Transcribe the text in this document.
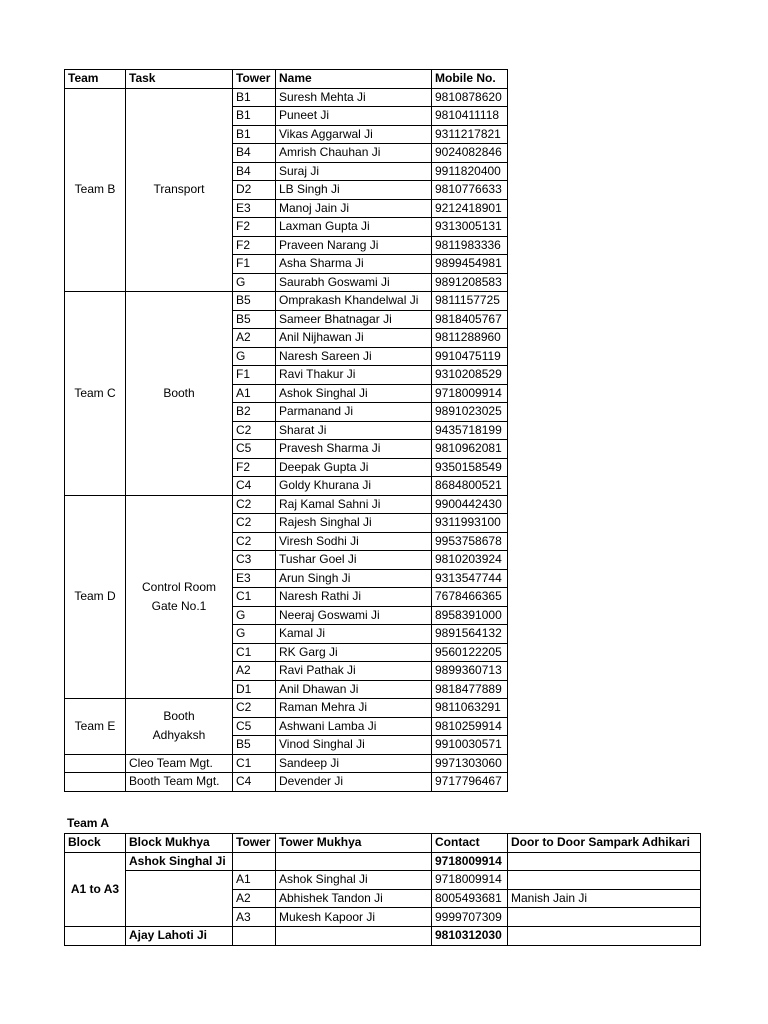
Team	Task	Tower	Name	Mobile No.
Team B	Transport	B1	Suresh Mehta Ji	9810878620
		B1	Puneet Ji	9810411118
		B1	Vikas Aggarwal Ji	9311217821
		B4	Amrish Chauhan Ji	9024082846
		B4	Suraj Ji	9911820400
		D2	LB Singh Ji	9810776633
		E3	Manoj Jain Ji	9212418901
		F2	Laxman Gupta Ji	9313005131
		F2	Praveen Narang Ji	9811983336
		F1	Asha Sharma Ji	9899454981
		G	Saurabh Goswami Ji	9891208583
Team C	Booth	B5	Omprakash Khandelwal Ji	9811157725
		B5	Sameer Bhatnagar Ji	9818405767
		A2	Anil Nijhawan Ji	9811288960
		G	Naresh Sareen Ji	9910475119
		F1	Ravi Thakur Ji	9310208529
		A1	Ashok Singhal Ji	9718009914
		B2	Parmanand Ji	9891023025
		C2	Sharat Ji	9435718199
		C5	Pravesh Sharma Ji	9810962081
		F2	Deepak Gupta Ji	9350158549
		C4	Goldy Khurana Ji	8684800521
Team D	Control Room Gate No.1	C2	Raj Kamal Sahni Ji	9900442430
		C2	Rajesh Singhal Ji	9311993100
		C2	Viresh Sodhi Ji	9953758678
		C3	Tushar Goel Ji	9810203924
		E3	Arun Singh Ji	9313547744
		C1	Naresh Rathi Ji	7678466365
		G	Neeraj Goswami Ji	8958391000
		G	Kamal Ji	9891564132
		C1	RK Garg Ji	9560122205
		A2	Ravi Pathak Ji	9899360713
		D1	Anil Dhawan Ji	9818477889
Team E	Booth Adhyaksh	C2	Raman Mehra Ji	9811063291
		C5	Ashwani Lamba Ji	9810259914
		B5	Vinod Singhal Ji	9910030571
	Cleo Team Mgt.	C1	Sandeep Ji	9971303060
	Booth Team Mgt.	C4	Devender Ji	9717796467
Team A
Block	Block Mukhya	Tower	Tower Mukhya	Contact	Door to Door Sampark Adhikari
A1 to A3	Ashok Singhal Ji			9718009914	
		A1	Ashok Singhal Ji	9718009914	
		A2	Abhishek Tandon Ji	8005493681	Manish Jain Ji
		A3	Mukesh Kapoor Ji	9999707309	
	Ajay Lahoti Ji			9810312030	
